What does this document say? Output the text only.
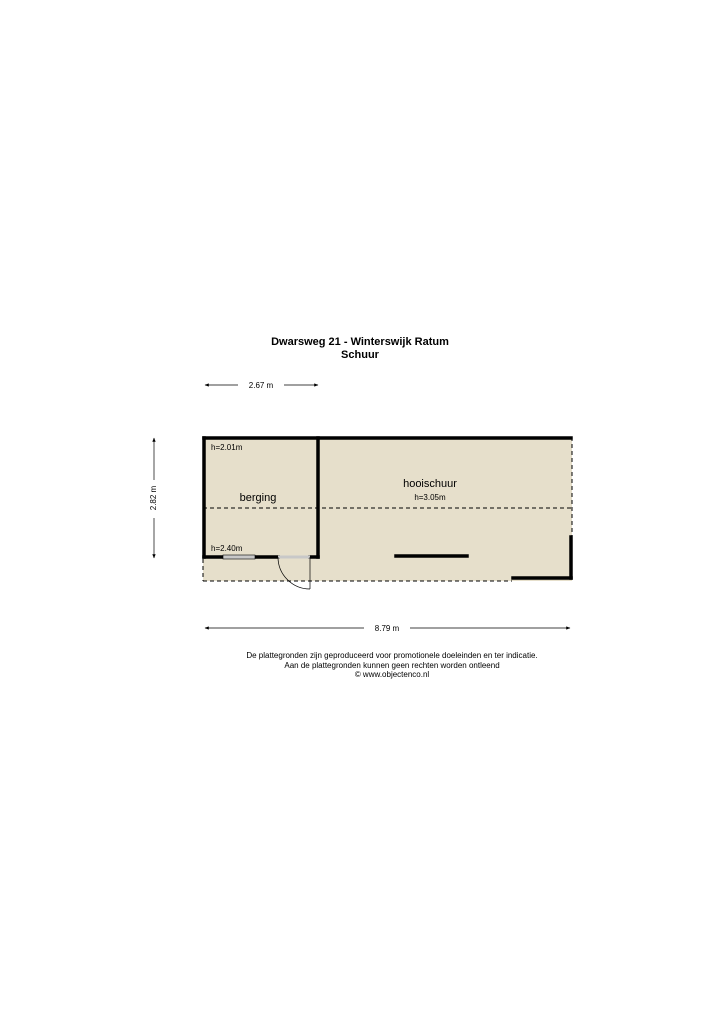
Dwarsweg 21 - Winterswijk Ratum
Schuur
2.67 m
2.82 m
8.79 m
h=2.01m
berging
h=2.40m
hooischuur
h=3.05m
De plattegronden zijn geproduceerd voor promotionele doeleinden en ter indicatie.
Aan de plattegronden kunnen geen rechten worden ontleend
© www.objectenco.nl
